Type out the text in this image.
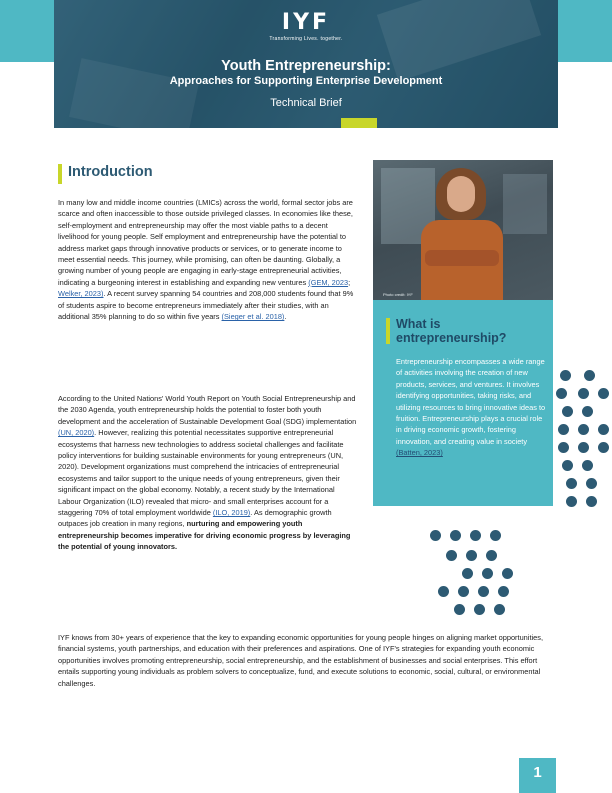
IYF
Transforming Lives. together.
Youth Entrepreneurship:
Approaches for Supporting Enterprise Development
Technical Brief
Introduction
In many low and middle income countries (LMICs) across the world, formal sector jobs are scarce and often inaccessible to those outside privileged classes. In economies like these, self-employment and entrepreneurship may offer the most viable paths to a decent livelihood for young people. Self employment and entrepreneurship have the potential to address market gaps through innovative products or services, or to generate income to meet essential needs. This journey, while promising, can often be daunting. Globally, a growing number of young people are engaging in early-stage entrepreneurial activities, indicating a burgeoning interest in establishing and expanding new ventures (GEM, 2023; Welker, 2023). A recent survey spanning 54 countries and 208,000 students found that 9% of students aspire to become entrepreneurs immediately after their studies, with an additional 35% planning to do so within five years (Sieger et al. 2018).
According to the United Nations' World Youth Report on Youth Social Entrepreneurship and the 2030 Agenda, youth entrepreneurship holds the potential to foster both youth development and the acceleration of Sustainable Development Goal (SDG) implementation (UN, 2020). However, realizing this potential necessitates supportive entrepreneurial ecosystems that harness new technologies to address societal challenges and facilitate policy interventions for building sustainable environments for young entrepreneurs (UN, 2020). Development organizations must comprehend the intricacies of entrepreneurial ecosystems and tailor support to the unique needs of young entrepreneurs, given their significant impact on the global economy. Notably, a recent study by the International Labour Organization (ILO) revealed that micro- and small enterprises account for a staggering 70% of total employment worldwide (ILO, 2019). As demographic growth outpaces job creation in many regions, nurturing and empowering youth entrepreneurship becomes imperative for driving economic progress by leveraging the potential of young innovators.
IYF knows from 30+ years of experience that the key to expanding economic opportunities for young people hinges on aligning market opportunities, financial systems, youth partnerships, and education with their preferences and aspirations. One of IYF's strategies for expanding youth economic opportunities involves promoting entrepreneurship, social entrepreneurship, and the establishment of businesses and social enterprises. This effort entails supporting young individuals as problem solvers to conceptualize, fund, and execute solutions to economic, social, cultural, or environmental challenges.
Photo credit: IYF
What is entrepreneurship?
Entrepreneurship encompasses a wide range of activities involving the creation of new products, services, and ventures. It involves identifying opportunities, taking risks, and utilizing resources to bring innovative ideas to fruition. Entrepreneurship plays a crucial role in driving economic growth, fostering innovation, and creating value in society (Batten, 2023)
1
